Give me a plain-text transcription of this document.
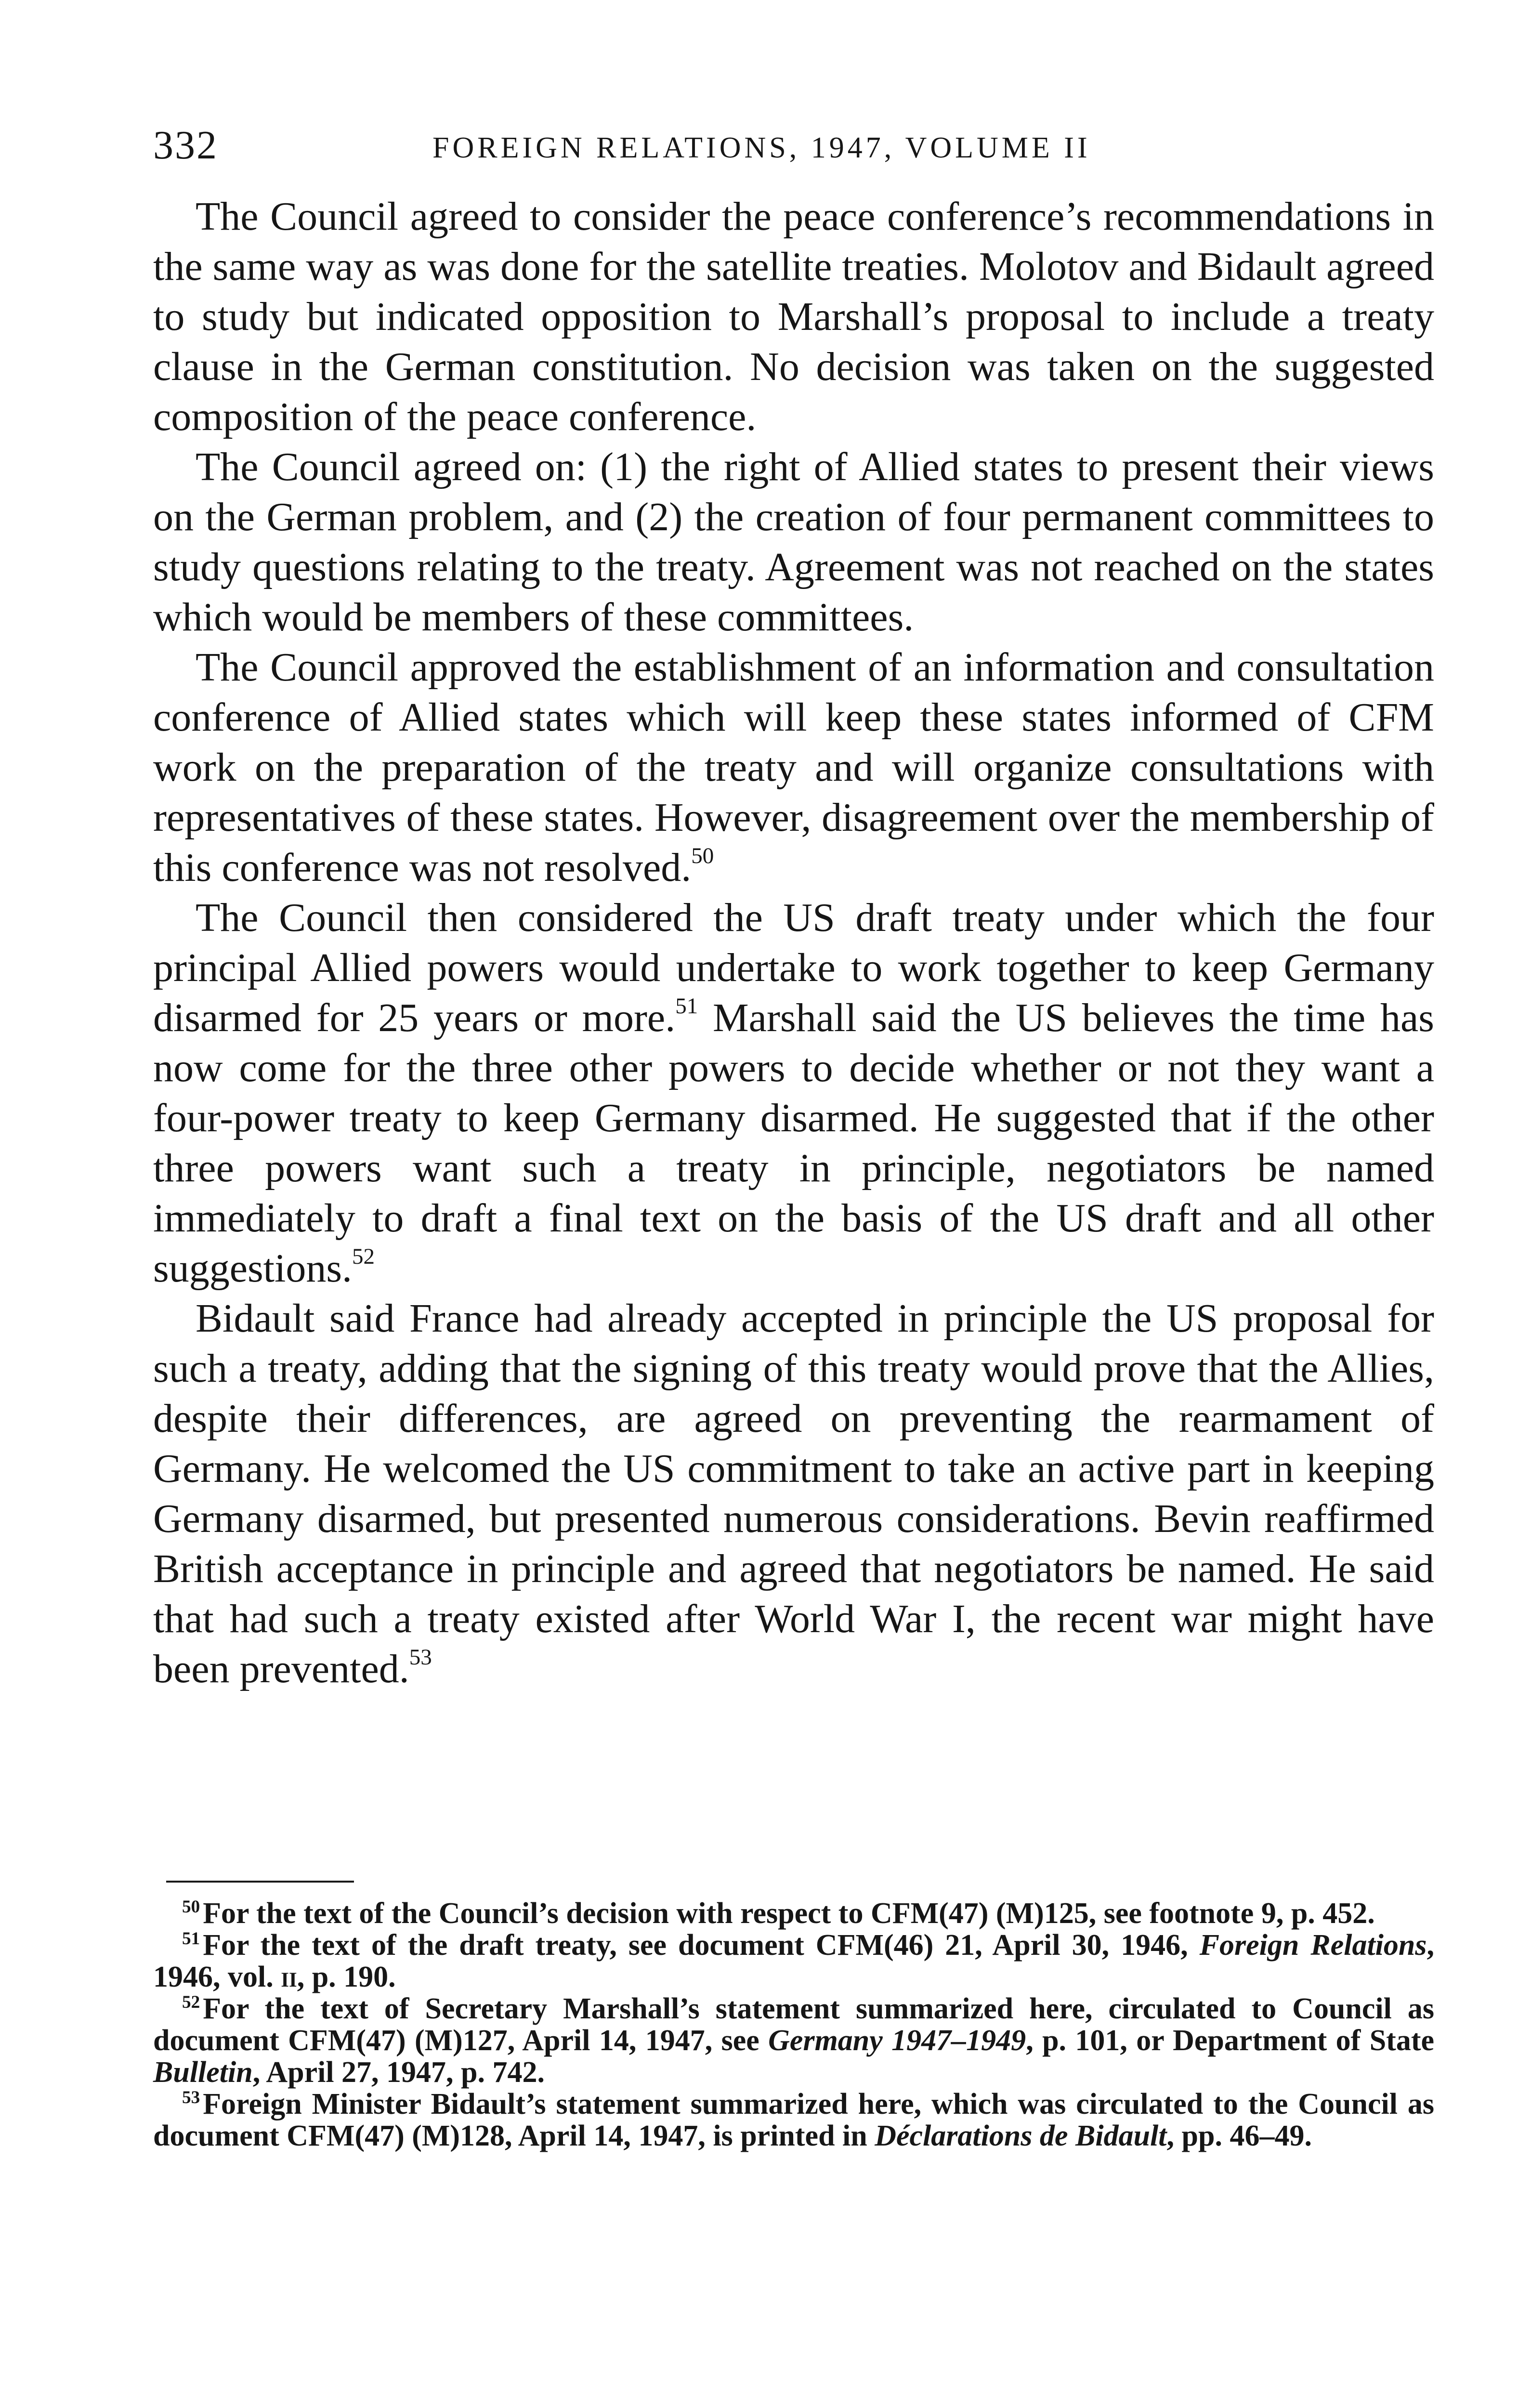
332	FOREIGN RELATIONS, 1947, VOLUME II

The Council agreed to consider the peace conference’s recommendations in the same way as was done for the satellite treaties. Molotov and Bidault agreed to study but indicated opposition to Marshall’s proposal to include a treaty clause in the German constitution. No decision was taken on the suggested composition of the peace conference.

The Council agreed on: (1) the right of Allied states to present their views on the German problem, and (2) the creation of four permanent committees to study questions relating to the treaty. Agreement was not reached on the states which would be members of these committees.

The Council approved the establishment of an information and consultation conference of Allied states which will keep these states informed of CFM work on the preparation of the treaty and will organize consultations with representatives of these states. However, disagreement over the membership of this conference was not resolved.$^{50}$

The Council then considered the US draft treaty under which the four principal Allied powers would undertake to work together to keep Germany disarmed for 25 years or more.$^{51}$ Marshall said the US believes the time has now come for the three other powers to decide whether or not they want a four-power treaty to keep Germany disarmed. He suggested that if the other three powers want such a treaty in principle, negotiators be named immediately to draft a final text on the basis of the US draft and all other suggestions.$^{52}$

Bidault said France had already accepted in principle the US proposal for such a treaty, adding that the signing of this treaty would prove that the Allies, despite their differences, are agreed on preventing the rearmament of Germany. He welcomed the US commitment to take an active part in keeping Germany disarmed, but presented numerous considerations. Bevin reaffirmed British acceptance in principle and agreed that negotiators be named. He said that had such a treaty existed after World War I, the recent war might have been prevented.$^{53}$

$^{50}$For the text of the Council’s decision with respect to CFM(47) (M)125, see footnote 9, p. 452.

$^{51}$For the text of the draft treaty, see document CFM(46) 21, April 30, 1946, Foreign Relations, 1946, vol. ii, p. 190.

$^{52}$For the text of Secretary Marshall’s statement summarized here, circulated to Council as document CFM(47) (M)127, April 14, 1947, see Germany 1947–1949, p. 101, or Department of State Bulletin, April 27, 1947, p. 742.

$^{53}$Foreign Minister Bidault’s statement summarized here, which was circulated to the Council as document CFM(47) (M)128, April 14, 1947, is printed in Déclarations de Bidault, pp. 46–49.
